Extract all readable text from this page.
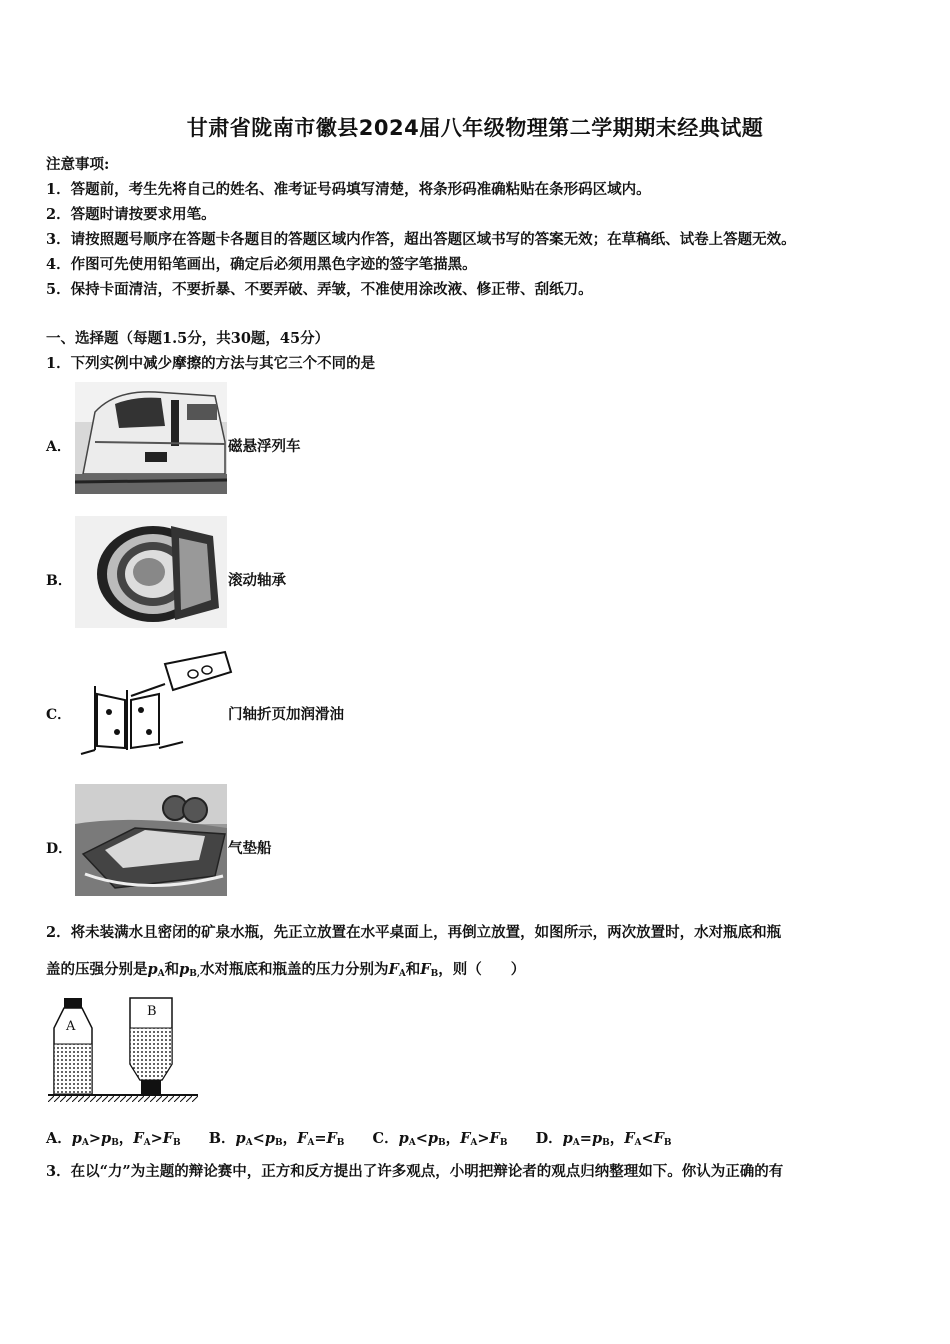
甘肃省陇南市徽县2024届八年级物理第二学期期末经典试题
注意事项:
1．答题前，考生先将自己的姓名、准考证号码填写清楚，将条形码准确粘贴在条形码区域内。
2．答题时请按要求用笔。
3．请按照题号顺序在答题卡各题目的答题区域内作答，超出答题区域书写的答案无效；在草稿纸、试卷上答题无效。
4．作图可先使用铅笔画出，确定后必须用黑色字迹的签字笔描黑。
5．保持卡面清洁，不要折暴、不要弄破、弄皱，不准使用涂改液、修正带、刮纸刀。
一、选择题（每题1.5分，共30题，45分）
1．下列实例中减少摩擦的方法与其它三个不同的是
A．	磁悬浮列车
B．	滚动轴承
C．	门轴折页加润滑油
D．	气垫船
2．将未装满水且密闭的矿泉水瓶，先正立放置在水平桌面上，再倒立放置，如图所示，两次放置时，水对瓶底和瓶
盖的压强分别是$p_A$和$p_{B,}$水对瓶底和瓶盖的压力分别为$F_A$和$F_B$，则（　　）
A
B
A．$p_A>p_B$，$F_A>F_B$ B．$p_A<p_B$，$F_A=F_B$ C．$p_A<p_B$，$F_A>F_B$ D．$p_A=p_B$，$F_A<F_B$
3．在以“力”为主题的辩论赛中，正方和反方提出了许多观点，小明把辩论者的观点归纳整理如下。你认为正确的有
